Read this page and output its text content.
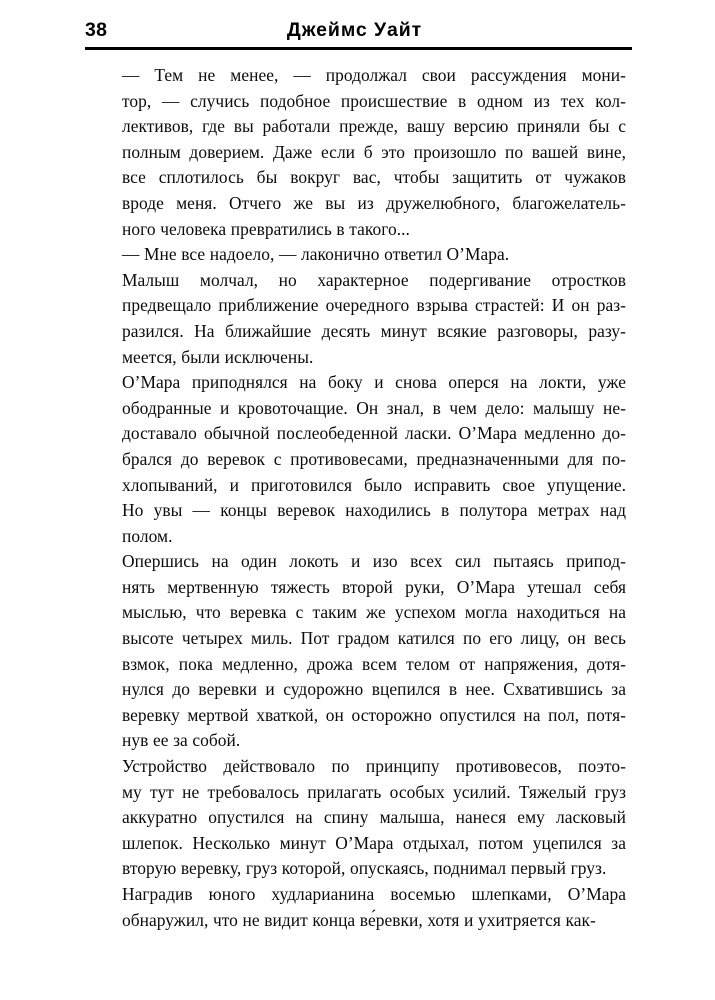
38	Джеймс Уайт

— Тем не менее, — продолжал свои рассуждения мони-
тор, — случись подобное происшествие в одном из тех кол-
лективов, где вы работали прежде, вашу версию приняли бы с
полным доверием. Даже если б это произошло по вашей вине,
все сплотилось бы вокруг вас, чтобы защитить от чужаков
вроде меня. Отчего же вы из дружелюбного, благожелатель-
ного человека превратились в такого...

— Мне все надоело, — лаконично ответил О’Мара.

Малыш молчал, но характерное подергивание отростков
предвещало приближение очередного взрыва страстей: И он раз-
разился. На ближайшие десять минут всякие разговоры, разу-
меется, были исключены.

О’Мара приподнялся на боку и снова оперся на локти, уже
ободранные и кровоточащие. Он знал, в чем дело: малышу не-
доставало обычной послеобеденной ласки. О’Мара медленно до-
брался до веревок с противовесами, предназначенными для по-
хлопываний, и приготовился было исправить свое упущение.
Но увы — концы веревок находились в полутора метрах над
полом.

Опершись на один локоть и изо всех сил пытаясь припод-
нять мертвенную тяжесть второй руки, О’Мара утешал себя
мыслью, что веревка с таким же успехом могла находиться на
высоте четырех миль. Пот градом катился по его лицу, он весь
взмок, пока медленно, дрожа всем телом от напряжения, дотя-
нулся до веревки и судорожно вцепился в нее. Схватившись за
веревку мертвой хваткой, он осторожно опустился на пол, потя-
нув ее за собой.

Устройство действовало по принципу противовесов, поэто-
му тут не требовалось прилагать особых усилий. Тяжелый груз
аккуратно опустился на спину малыша, нанеся ему ласковый
шлепок. Несколько минут О’Мара отдыхал, потом уцепился за
вторую веревку, груз которой, опускаясь, поднимал первый груз.

Наградив юного худларианина восемью шлепками, О’Мара
обнаружил, что не видит конца ве́ревки, хотя и ухитряется как-
